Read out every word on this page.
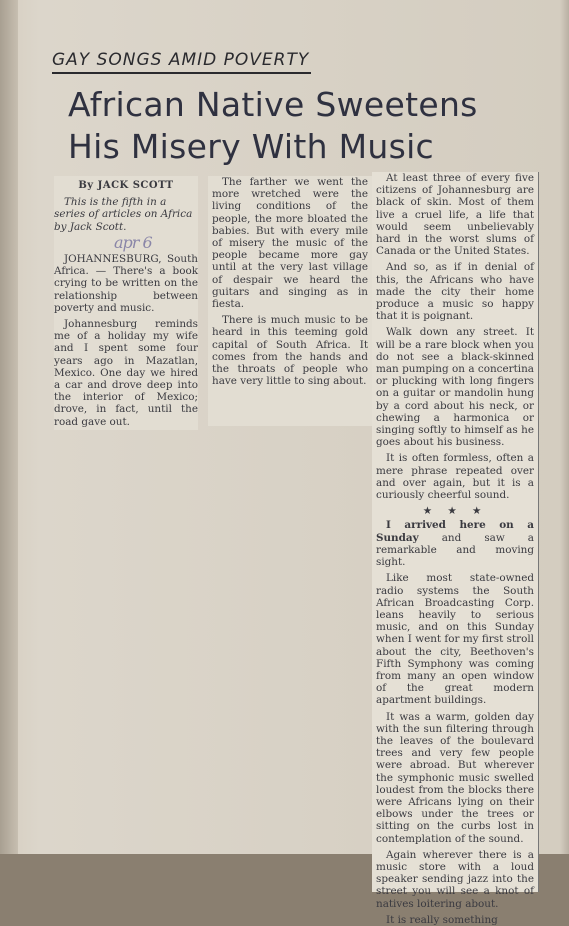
GAY SONGS AMID POVERTY
African Native Sweetens
His Misery With Music
By JACK SCOTT

This is the fifth in a series of articles on Africa by Jack Scott.

apr 6

JOHANNESBURG, South Africa. — There's a book crying to be written on the relationship between poverty and music.

Johannesburg reminds me of a holiday my wife and I spent some four years ago in Mazatlan, Mexico. One day we hired a car and drove deep into the interior of Mexico; drove, in fact, until the road gave out.

The farther we went the more wretched were the living conditions of the people, the more bloated the babies. But with every mile of misery the music of the people became more gay until at the very last village of despair we heard the guitars and singing as in fiesta.

There is much music to be heard in this teeming gold capital of South Africa. It comes from the hands and the throats of people who have very little to sing about.

At least three of every five citizens of Johannesburg are black of skin. Most of them live a cruel life, a life that would seem unbelievably hard in the worst slums of Canada or the United States.

And so, as if in denial of this, the Africans who have made the city their home produce a music so happy that it is poignant.

Walk down any street. It will be a rare block when you do not see a black-skinned man pumping on a concertina or plucking with long fingers on a guitar or mandolin hung by a cord about his neck, or chewing a harmonica or singing softly to himself as he goes about his business.

It is often formless, often a mere phrase repeated over and over again, but it is a curiously cheerful sound.

★ ★ ★

I arrived here on a Sunday and saw a remarkable and moving sight.

Like most state-owned radio systems the South African Broadcasting Corp. leans heavily to serious music, and on this Sunday when I went for my first stroll about the city, Beethoven's Fifth Symphony was coming from many an open window of the great modern apartment buildings.

It was a warm, golden day with the sun filtering through the leaves of the boulevard trees and very few people were abroad. But wherever the symphonic music swelled loudest from the blocks there were Africans lying on their elbows under the trees or sitting on the curbs lost in contemplation of the sound.

Again wherever there is a music store with a loud speaker sending jazz into the street you will see a knot of natives loitering about.

It is really something
